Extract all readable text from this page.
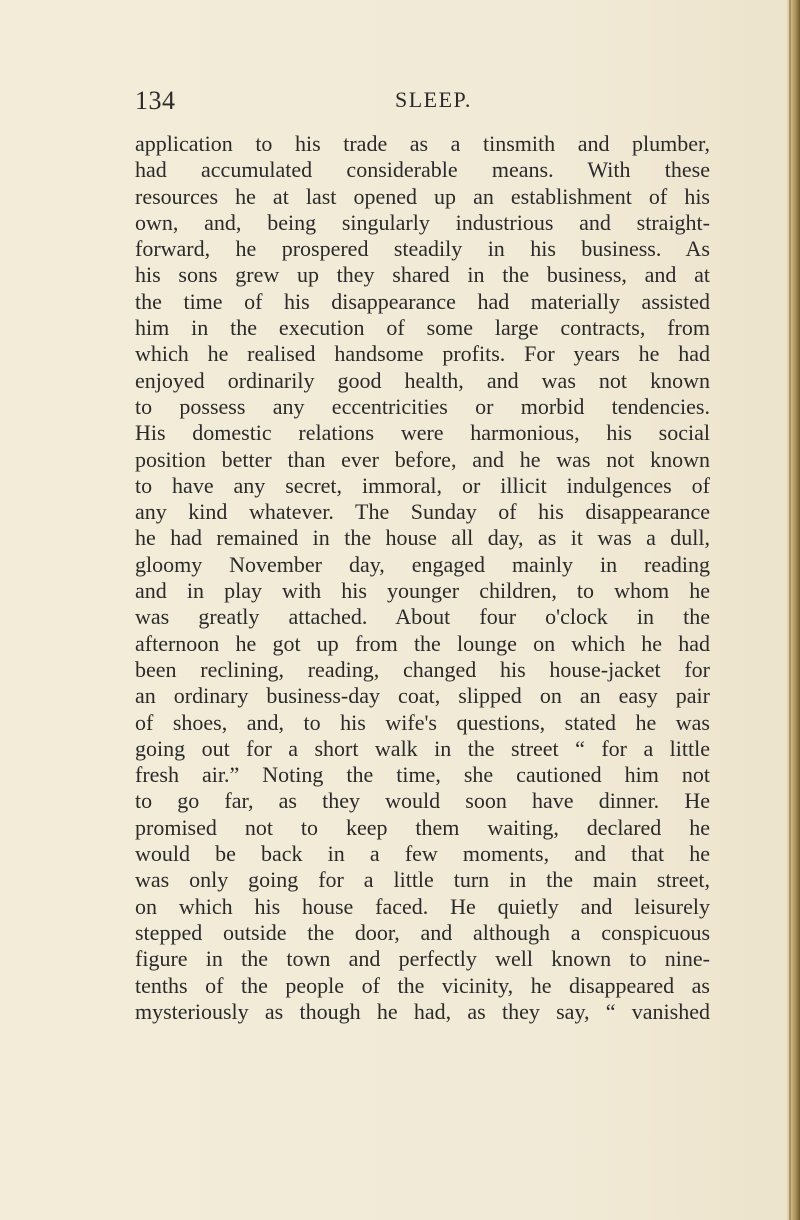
134	SLEEP.
application to his trade as a tinsmith and plumber,
had accumulated considerable means. With these
resources he at last opened up an establishment of his
own, and, being singularly industrious and straight-
forward, he prospered steadily in his business. As
his sons grew up they shared in the business, and at
the time of his disappearance had materially assisted
him in the execution of some large contracts, from
which he realised handsome profits. For years he had
enjoyed ordinarily good health, and was not known
to possess any eccentricities or morbid tendencies.
His domestic relations were harmonious, his social
position better than ever before, and he was not known
to have any secret, immoral, or illicit indulgences of
any kind whatever. The Sunday of his disappearance
he had remained in the house all day, as it was a dull,
gloomy November day, engaged mainly in reading
and in play with his younger children, to whom he
was greatly attached. About four o'clock in the
afternoon he got up from the lounge on which he had
been reclining, reading, changed his house-jacket for
an ordinary business-day coat, slipped on an easy pair
of shoes, and, to his wife's questions, stated he was
going out for a short walk in the street “ for a little
fresh air.” Noting the time, she cautioned him not
to go far, as they would soon have dinner. He
promised not to keep them waiting, declared he
would be back in a few moments, and that he
was only going for a little turn in the main street,
on which his house faced. He quietly and leisurely
stepped outside the door, and although a conspicuous
figure in the town and perfectly well known to nine-
tenths of the people of the vicinity, he disappeared as
mysteriously as though he had, as they say, “ vanished
